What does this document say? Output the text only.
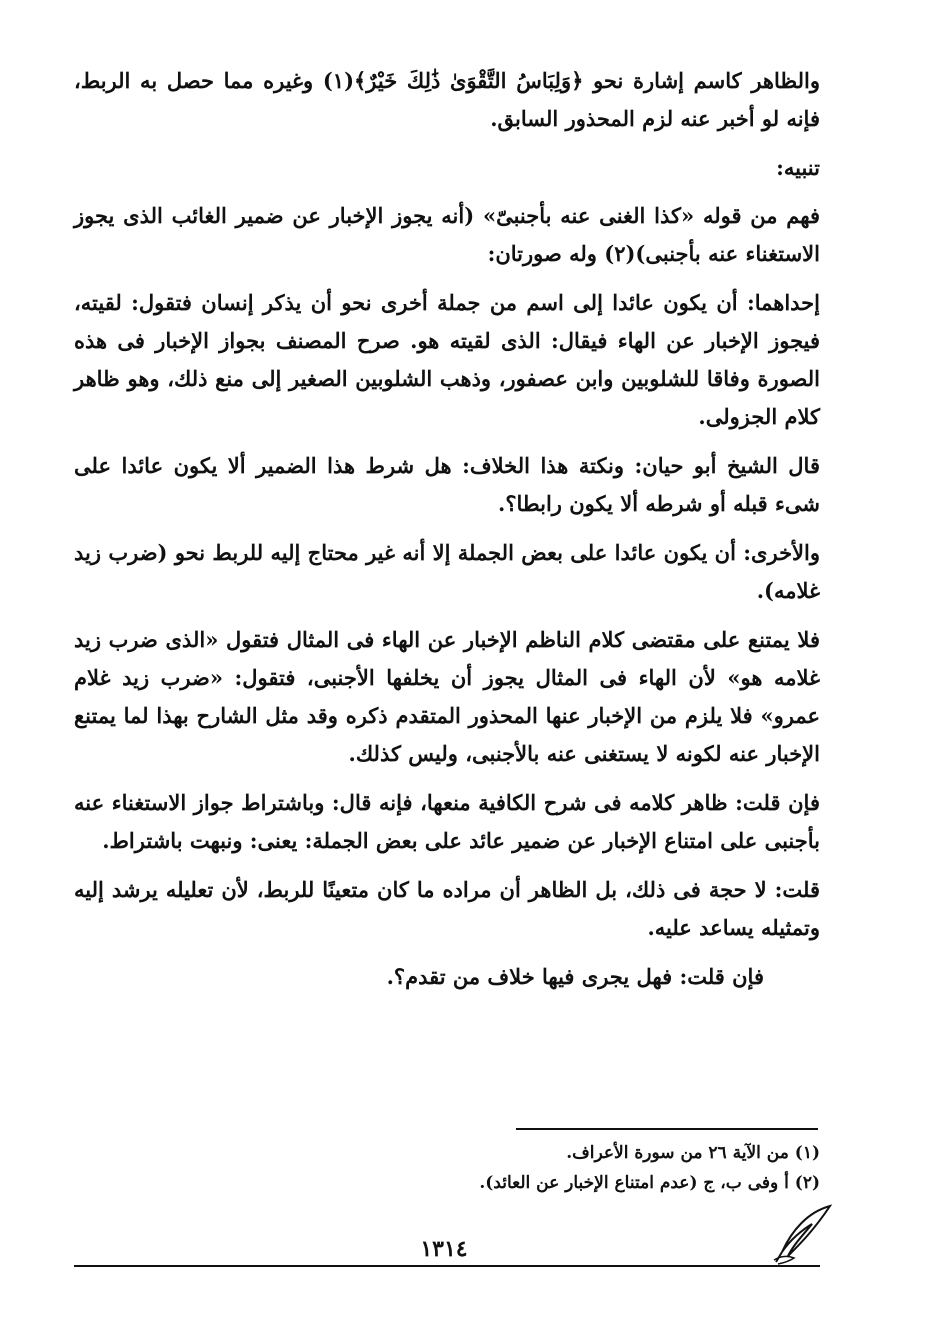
والظاهر كاسم إشارة نحو ﴿وَلِبَاسُ التَّقْوَىٰ ذَٰلِكَ خَيْرٌ﴾(١) وغيره مما حصل به الربط، فإنه لو أخبر عنه لزم المحذور السابق.

تنبيه:

فهم من قوله «كذا الغنى عنه بأجنبىّ» (أنه يجوز الإخبار عن ضمير الغائب الذى يجوز الاستغناء عنه بأجنبى)(٢) وله صورتان:

إحداهما: أن يكون عائدا إلى اسم من جملة أخرى نحو أن يذكر إنسان فتقول: لقيته، فيجوز الإخبار عن الهاء فيقال: الذى لقيته هو. صرح المصنف بجواز الإخبار فى هذه الصورة وفاقا للشلوبين وابن عصفور، وذهب الشلوبين الصغير إلى منع ذلك، وهو ظاهر كلام الجزولى.

قال الشيخ أبو حيان: ونكتة هذا الخلاف: هل شرط هذا الضمير ألا يكون عائدا على شىء قبله أو شرطه ألا يكون رابطا؟.

والأخرى: أن يكون عائدا على بعض الجملة إلا أنه غير محتاج إليه للربط نحو (ضرب زيد غلامه).

فلا يمتنع على مقتضى كلام الناظم الإخبار عن الهاء فى المثال فتقول «الذى ضرب زيد غلامه هو» لأن الهاء فى المثال يجوز أن يخلفها الأجنبى، فتقول: «ضرب زيد غلام عمرو» فلا يلزم من الإخبار عنها المحذور المتقدم ذكره وقد مثل الشارح بهذا لما يمتنع الإخبار عنه لكونه لا يستغنى عنه بالأجنبى، وليس كذلك.

فإن قلت: ظاهر كلامه فى شرح الكافية منعها، فإنه قال: وباشتراط جواز الاستغناء عنه بأجنبى على امتناع الإخبار عن ضمير عائد على بعض الجملة: يعنى: ونبهت باشتراط.

قلت: لا حجة فى ذلك، بل الظاهر أن مراده ما كان متعينًا للربط، لأن تعليله يرشد إليه وتمثيله يساعد عليه.

فإن قلت: فهل يجرى فيها خلاف من تقدم؟.

(١) من الآية ٢٦ من سورة الأعراف.

(٢) أ وفى ب، ج (عدم امتناع الإخبار عن العائد).

١٣١٤
